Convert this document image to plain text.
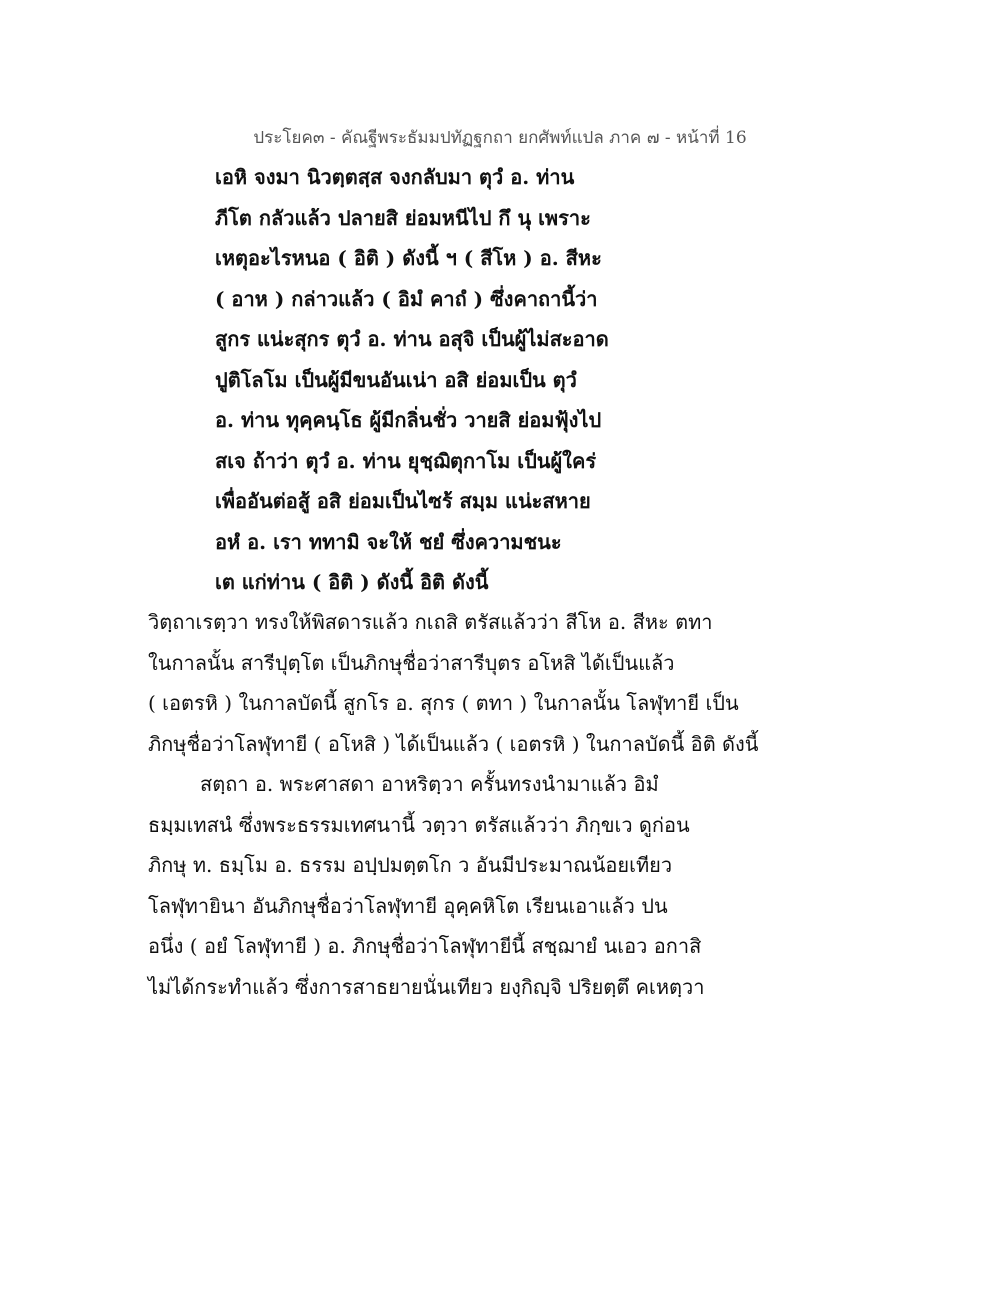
ประโยค๓ - คัณฐีพระธัมมปทัฏฐกถา ยกศัพท์แปล ภาค ๗ - หน้าที่ 16
เอหิ จงมา นิวตฺตสฺส จงกลับมา ตุวํ อ. ท่าน
ภีโต กลัวแล้ว ปลายสิ ย่อมหนีไป กึ นุ เพราะ
เหตุอะไรหนอ ( อิติ ) ดังนี้ ฯ ( สีโห ) อ. สีหะ
( อาห ) กล่าวแล้ว ( อิมํ คาถํ ) ซึ่งคาถานี้ว่า
สูกร แน่ะสุกร ตุวํ อ. ท่าน อสุจิ เป็นผู้ไม่สะอาด
ปูติโลโม เป็นผู้มีขนอันเน่า อสิ ย่อมเป็น ตุวํ
อ. ท่าน ทุคฺคนฺโธ ผู้มีกลิ่นชั่ว วายสิ ย่อมฟุ้งไป
สเจ ถ้าว่า ตุวํ อ. ท่าน ยุชฺฌิตุกาโม เป็นผู้ใคร่
เพื่ออันต่อสู้ อสิ ย่อมเป็นไซร้ สมฺม แน่ะสหาย
อหํ อ. เรา ททามิ จะให้ ชยํ ซึ่งความชนะ
เต แก่ท่าน ( อิติ ) ดังนี้ อิติ ดังนี้
วิตฺถาเรตฺวา ทรงให้พิสดารแล้ว กเถสิ ตรัสแล้วว่า สีโห อ. สีหะ ตทา
ในกาลนั้น สารีปุตฺโต เป็นภิกษุชื่อว่าสารีบุตร อโหสิ ได้เป็นแล้ว
( เอตรหิ ) ในกาลบัดนี้ สูกโร อ. สุกร ( ตทา ) ในกาลนั้น โลฬุทายี เป็น
ภิกษุชื่อว่าโลฬุทายี ( อโหสิ ) ได้เป็นแล้ว ( เอตรหิ ) ในกาลบัดนี้ อิติ ดังนี้
สตฺถา อ. พระศาสดา อาหริตฺวา ครั้นทรงนำมาแล้ว อิมํ
ธมฺมเทสนํ ซึ่งพระธรรมเทศนานี้ วตฺวา ตรัสแล้วว่า ภิกฺขเว ดูก่อน
ภิกษุ ท. ธมฺโม อ. ธรรม อปฺปมตฺตโก ว อันมีประมาณน้อยเทียว
โลฬุทายินา อันภิกษุชื่อว่าโลฬุทายี อุคฺคหิโต เรียนเอาแล้ว ปน
อนึ่ง ( อยํ โลฬุทายี ) อ. ภิกษุชื่อว่าโลฬุทายีนี้ สชฺฌายํ นเอว อกาสิ
ไม่ได้กระทำแล้ว ซึ่งการสาธยายนั่นเทียว ยงฺกิญฺจิ ปริยตฺตึ คเหตฺวา
